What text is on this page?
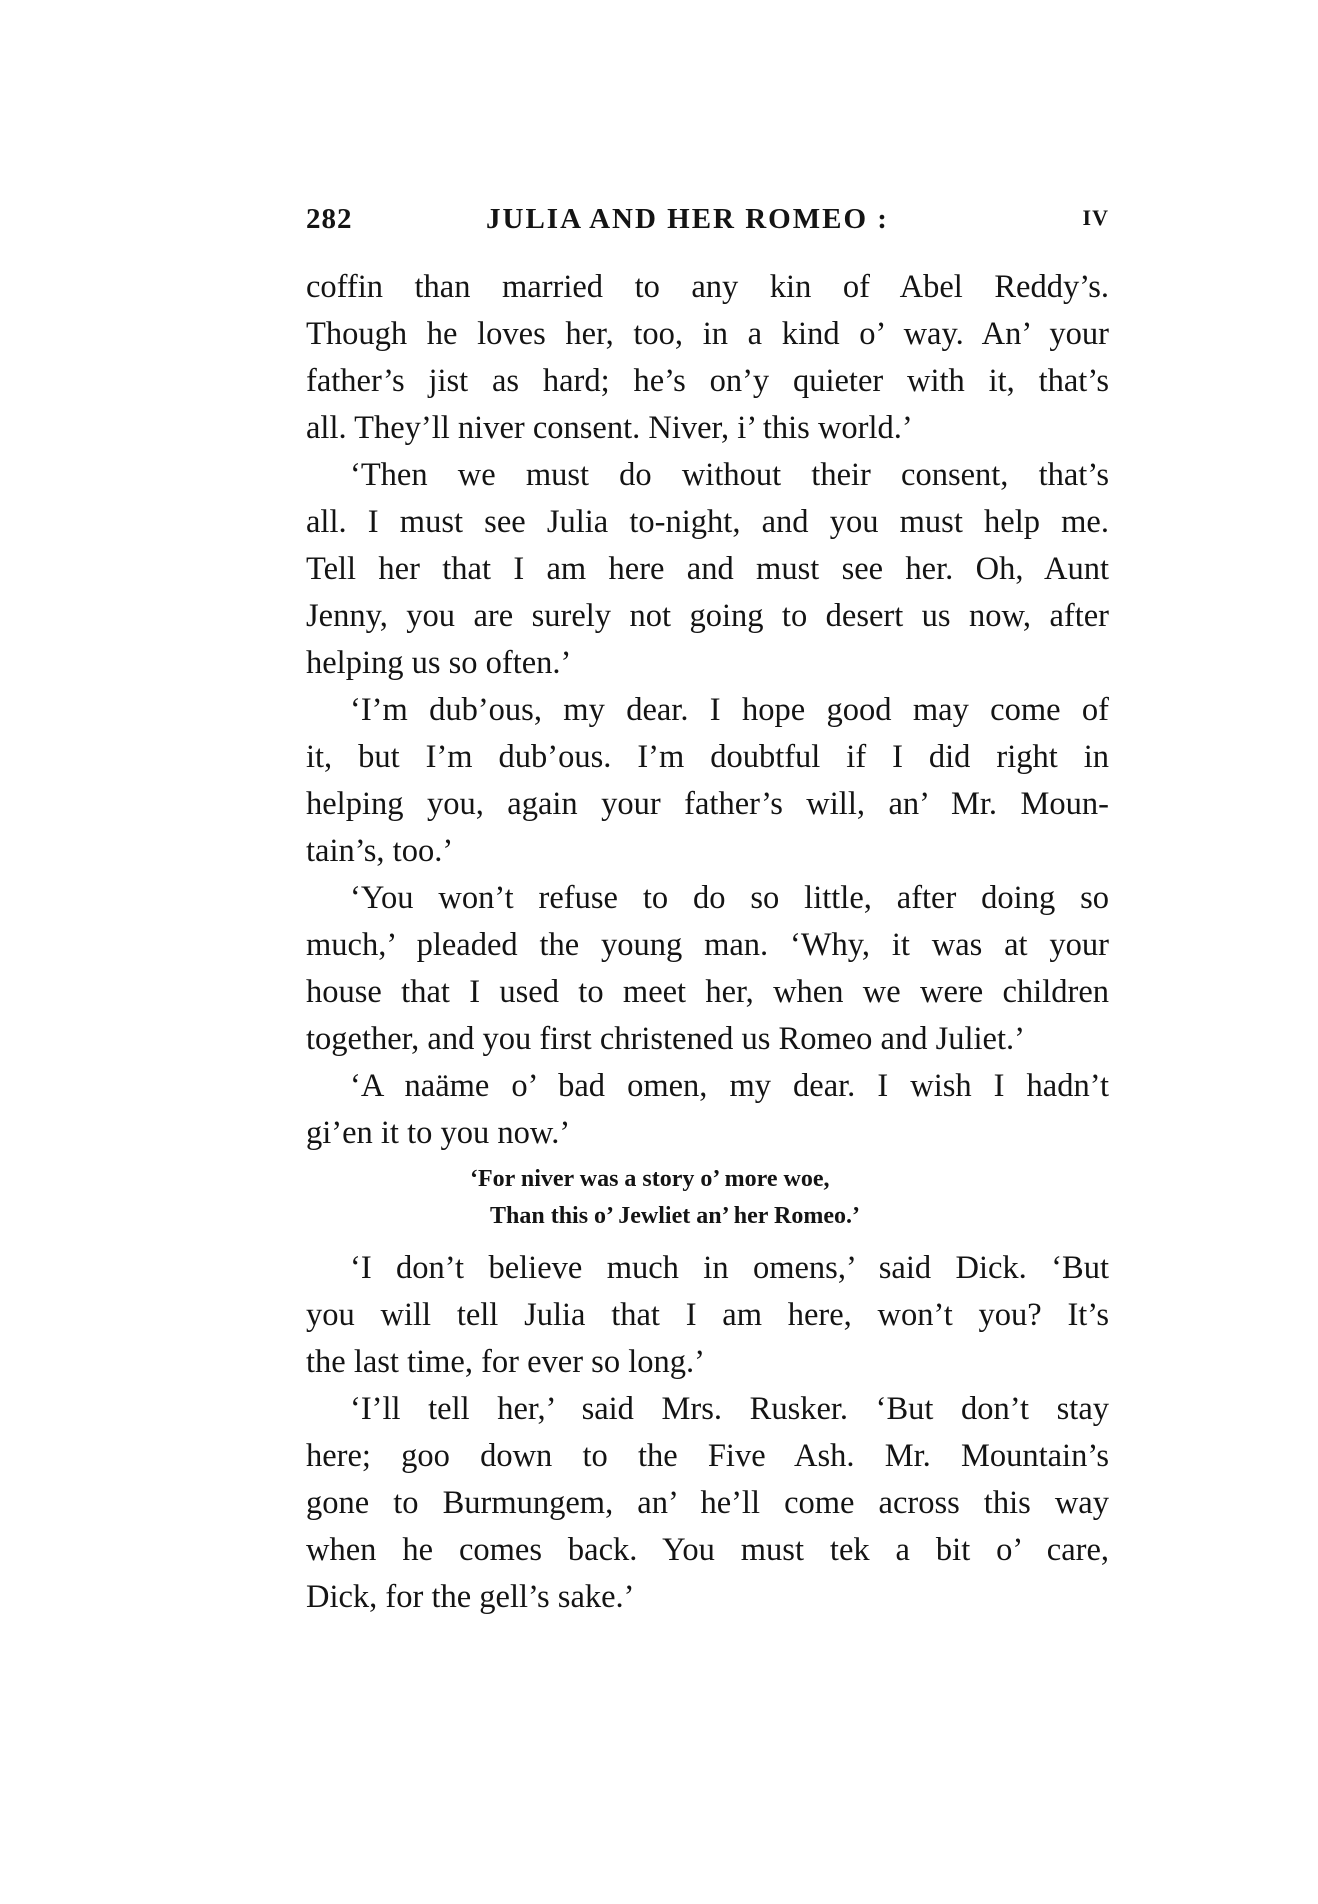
282	JULIA AND HER ROMEO :	IV
coffin than married to any kin of Abel Reddy’s.
Though he loves her, too, in a kind o’ way. An’ your
father’s jist as hard; he’s on’y quieter with it, that’s
all. They’ll niver consent. Niver, i’ this world.’
‘Then we must do without their consent, that’s
all. I must see Julia to-night, and you must help me.
Tell her that I am here and must see her. Oh, Aunt
Jenny, you are surely not going to desert us now, after
helping us so often.’
‘I’m dub’ous, my dear. I hope good may come of
it, but I’m dub’ous. I’m doubtful if I did right in
helping you, again your father’s will, an’ Mr. Moun-
tain’s, too.’
‘You won’t refuse to do so little, after doing so
much,’ pleaded the young man. ‘Why, it was at your
house that I used to meet her, when we were children
together, and you first christened us Romeo and Juliet.’
‘A naäme o’ bad omen, my dear. I wish I hadn’t
gi’en it to you now.’
‘For niver was a story o’ more woe,
Than this o’ Jewliet an’ her Romeo.’
‘I don’t believe much in omens,’ said Dick. ‘But
you will tell Julia that I am here, won’t you? It’s
the last time, for ever so long.’
‘I’ll tell her,’ said Mrs. Rusker. ‘But don’t stay
here; goo down to the Five Ash. Mr. Mountain’s
gone to Burmungem, an’ he’ll come across this way
when he comes back. You must tek a bit o’ care,
Dick, for the gell’s sake.’
